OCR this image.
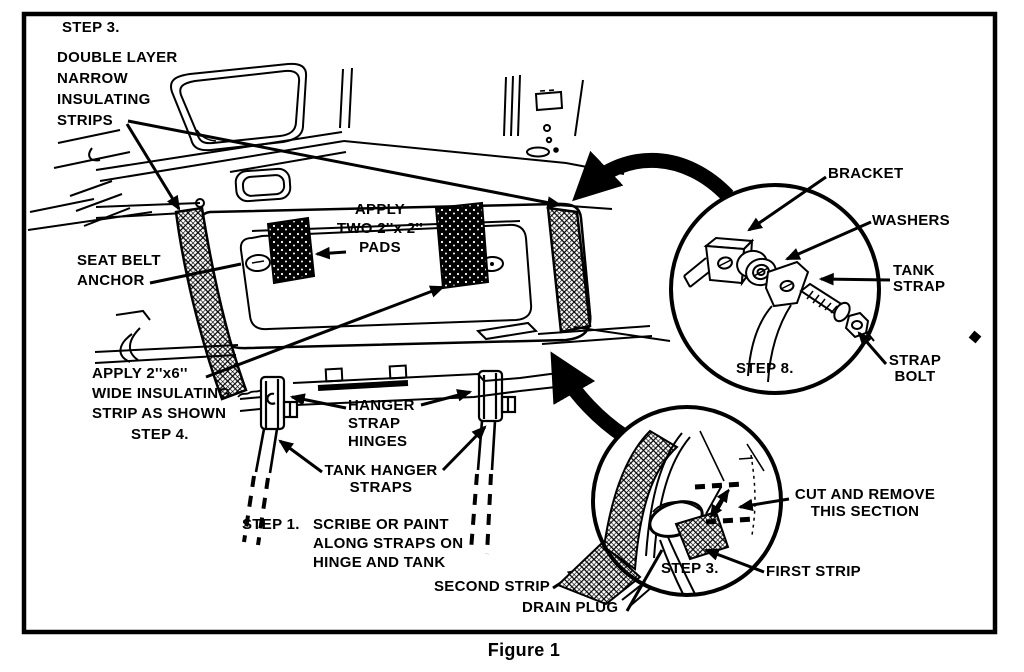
STEP 3.
DOUBLE LAYER
NARROW
INSULATING
STRIPS
SEAT BELT
ANCHOR
APPLY
TWO 2''x 2''
PADS
APPLY 2''x6''
WIDE INSULATING
STRIP AS SHOWN
STEP 4.
HANGER
STRAP
HINGES
TANK HANGER
STRAPS
STEP 1. SCRIBE OR PAINT
ALONG STRAPS ON
HINGE AND TANK
BRACKET
WASHERS
TANK
STRAP
STRAP
BOLT
STEP 8.
CUT AND REMOVE
THIS SECTION
STEP 3.	FIRST STRIP
SECOND STRIP
DRAIN PLUG
Figure 1
